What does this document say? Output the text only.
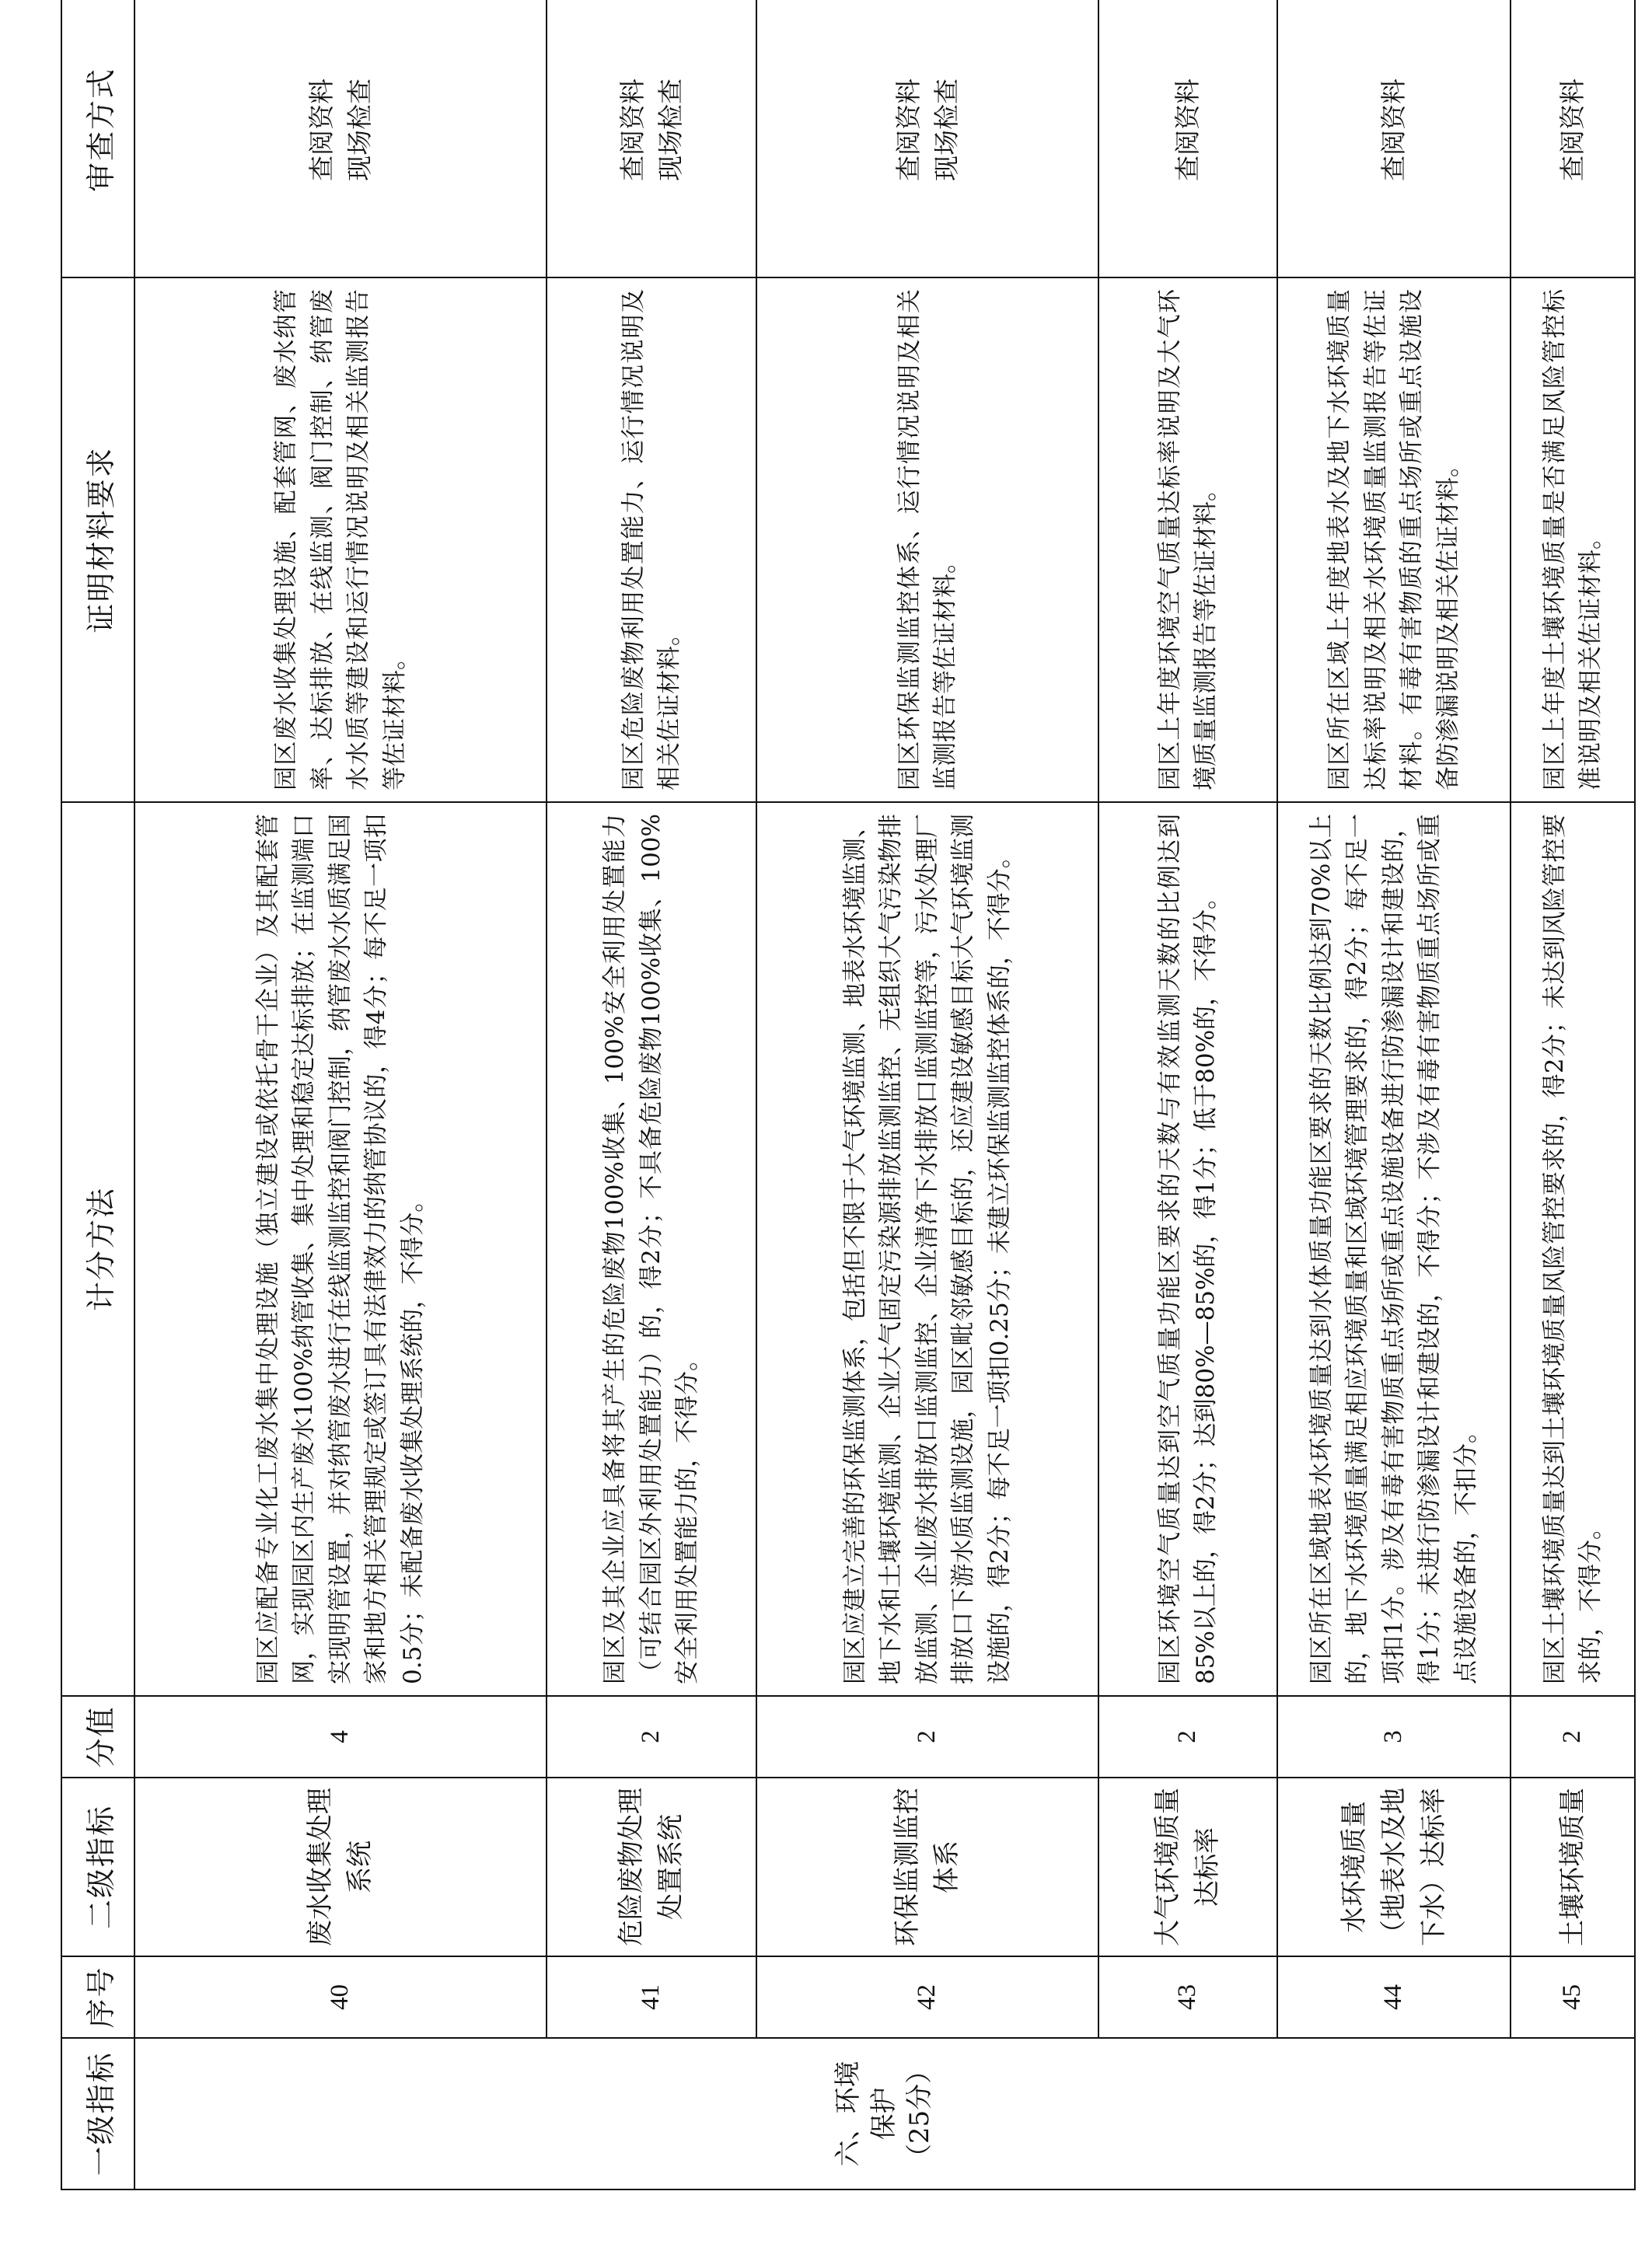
一级指标	序号	二级指标	分值	计分方法	证明材料要求	审查方式

六、环境 保护 （25分）	40	废水收集处理系统	4	园区应配备专业化工废水集中处理设施（独立建设或依托骨干企业）及其配套管网，实现园区内生产废水100%纳管收集、集中处理和稳定达标排放；在监测端口实现明管设置，并对纳管废水进行在线监测监控和阀门控制，纳管废水水质满足国家和地方相关管理规定或签订具有法律效力的纳管协议的，得4分；每不足一项扣0.5分；未配备废水收集处理系统的，不得分。	园区废水收集处理设施、配套管网、废水纳管率、达标排放、在线监测、阀门控制、纳管废水水质等建设和运行情况说明及相关监测报告等佐证材料。	查阅资料
现场检查
	41	危险废物处理处置系统	2	园区及其企业应具备将其产生的危险废物100%收集、100%安全利用处置能力（可结合园区外利用处置能力）的，得2分；不具备危险废物100%收集、100%安全利用处置能力的，不得分。	园区危险废物利用处置能力、运行情况说明及相关佐证材料。	查阅资料
现场检查
	42	环保监测监控体系	2	园区应建立完善的环保监测体系，包括但不限于大气环境监测、地表水环境监测、地下水和土壤环境监测、企业大气固定污染源排放监测监控、无组织大气污染物排放监测、企业废水排放口监测监控、企业清净下水排放口监测监控等，污水处理厂排放口下游水质监测设施，园区毗邻敏感目标的，还应建设敏感目标大气环境监测设施的，得2分；每不足一项扣0.25分；未建立环保监测监控体系的，不得分。	园区环保监测监控体系、运行情况说明及相关监测报告等佐证材料。	查阅资料
现场检查
	43	大气环境质量达标率	2	园区环境空气质量达到空气质量功能区要求的天数与有效监测天数的比例达到85%以上的，得2分；达到80%—85%的，得1分；低于80%的，不得分。	园区上年度环境空气质量达标率说明及大气环境质量监测报告等佐证材料。	查阅资料
	44	水环境质量（地表水及地下水）达标率	3	园区所在区域地表水环境质量达到水体质量功能区要求的天数比例达到70%以上的，地下水环境质量满足相应环境质量和区域环境管理要求的，得2分；每不足一项扣1分。涉及有毒有害物质重点场所或重点设施设备进行防渗漏设计和建设的，得1分；未进行防渗漏设计和建设的，不得分；不涉及有毒有害物质重点场所或重点设施设备的，不扣分。	园区所在区域上年度地表水及地下水环境质量达标率说明及相关水环境质量监测报告等佐证材料。有毒有害物质的重点场所或重点设施设备防渗漏说明及相关佐证材料。	查阅资料
	45	土壤环境质量	2	园区土壤环境质量达到土壤环境质量风险管控要求的，得2分；未达到风险管控要求的，不得分。	园区上年度土壤环境质量是否满足风险管控标准说明及相关佐证材料。	查阅资料
